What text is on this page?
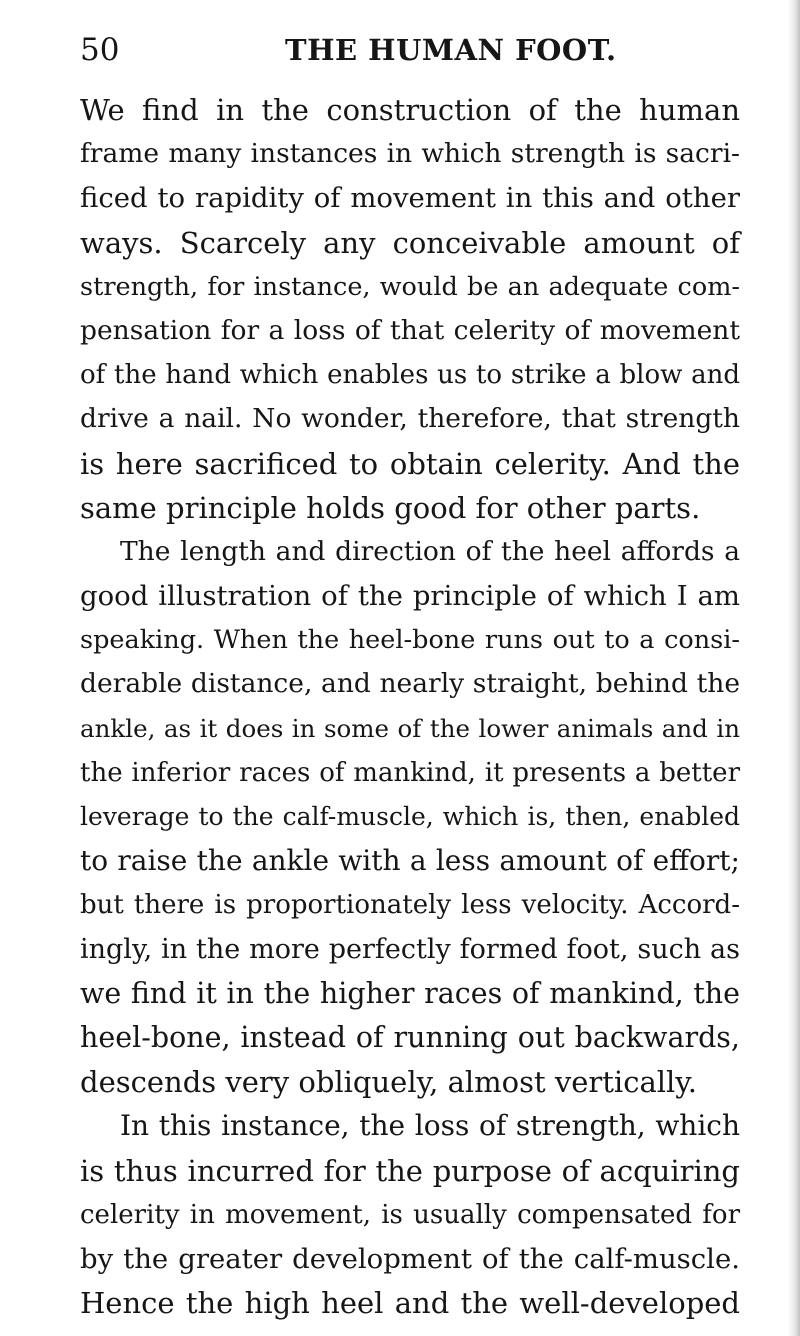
50	THE HUMAN FOOT.
We find in the construction of the human
frame many instances in which strength is sacri-
ficed to rapidity of movement in this and other
ways. Scarcely any conceivable amount of
strength, for instance, would be an adequate com-
pensation for a loss of that celerity of movement
of the hand which enables us to strike a blow and
drive a nail. No wonder, therefore, that strength
is here sacrificed to obtain celerity. And the
same principle holds good for other parts.
The length and direction of the heel affords a
good illustration of the principle of which I am
speaking. When the heel-bone runs out to a consi-
derable distance, and nearly straight, behind the
ankle, as it does in some of the lower animals and in
the inferior races of mankind, it presents a better
leverage to the calf-muscle, which is, then, enabled
to raise the ankle with a less amount of effort;
but there is proportionately less velocity. Accord-
ingly, in the more perfectly formed foot, such as
we find it in the higher races of mankind, the
heel-bone, instead of running out backwards,
descends very obliquely, almost vertically.
In this instance, the loss of strength, which
is thus incurred for the purpose of acquiring
celerity in movement, is usually compensated for
by the greater development of the calf-muscle.
Hence the high heel and the well-developed
